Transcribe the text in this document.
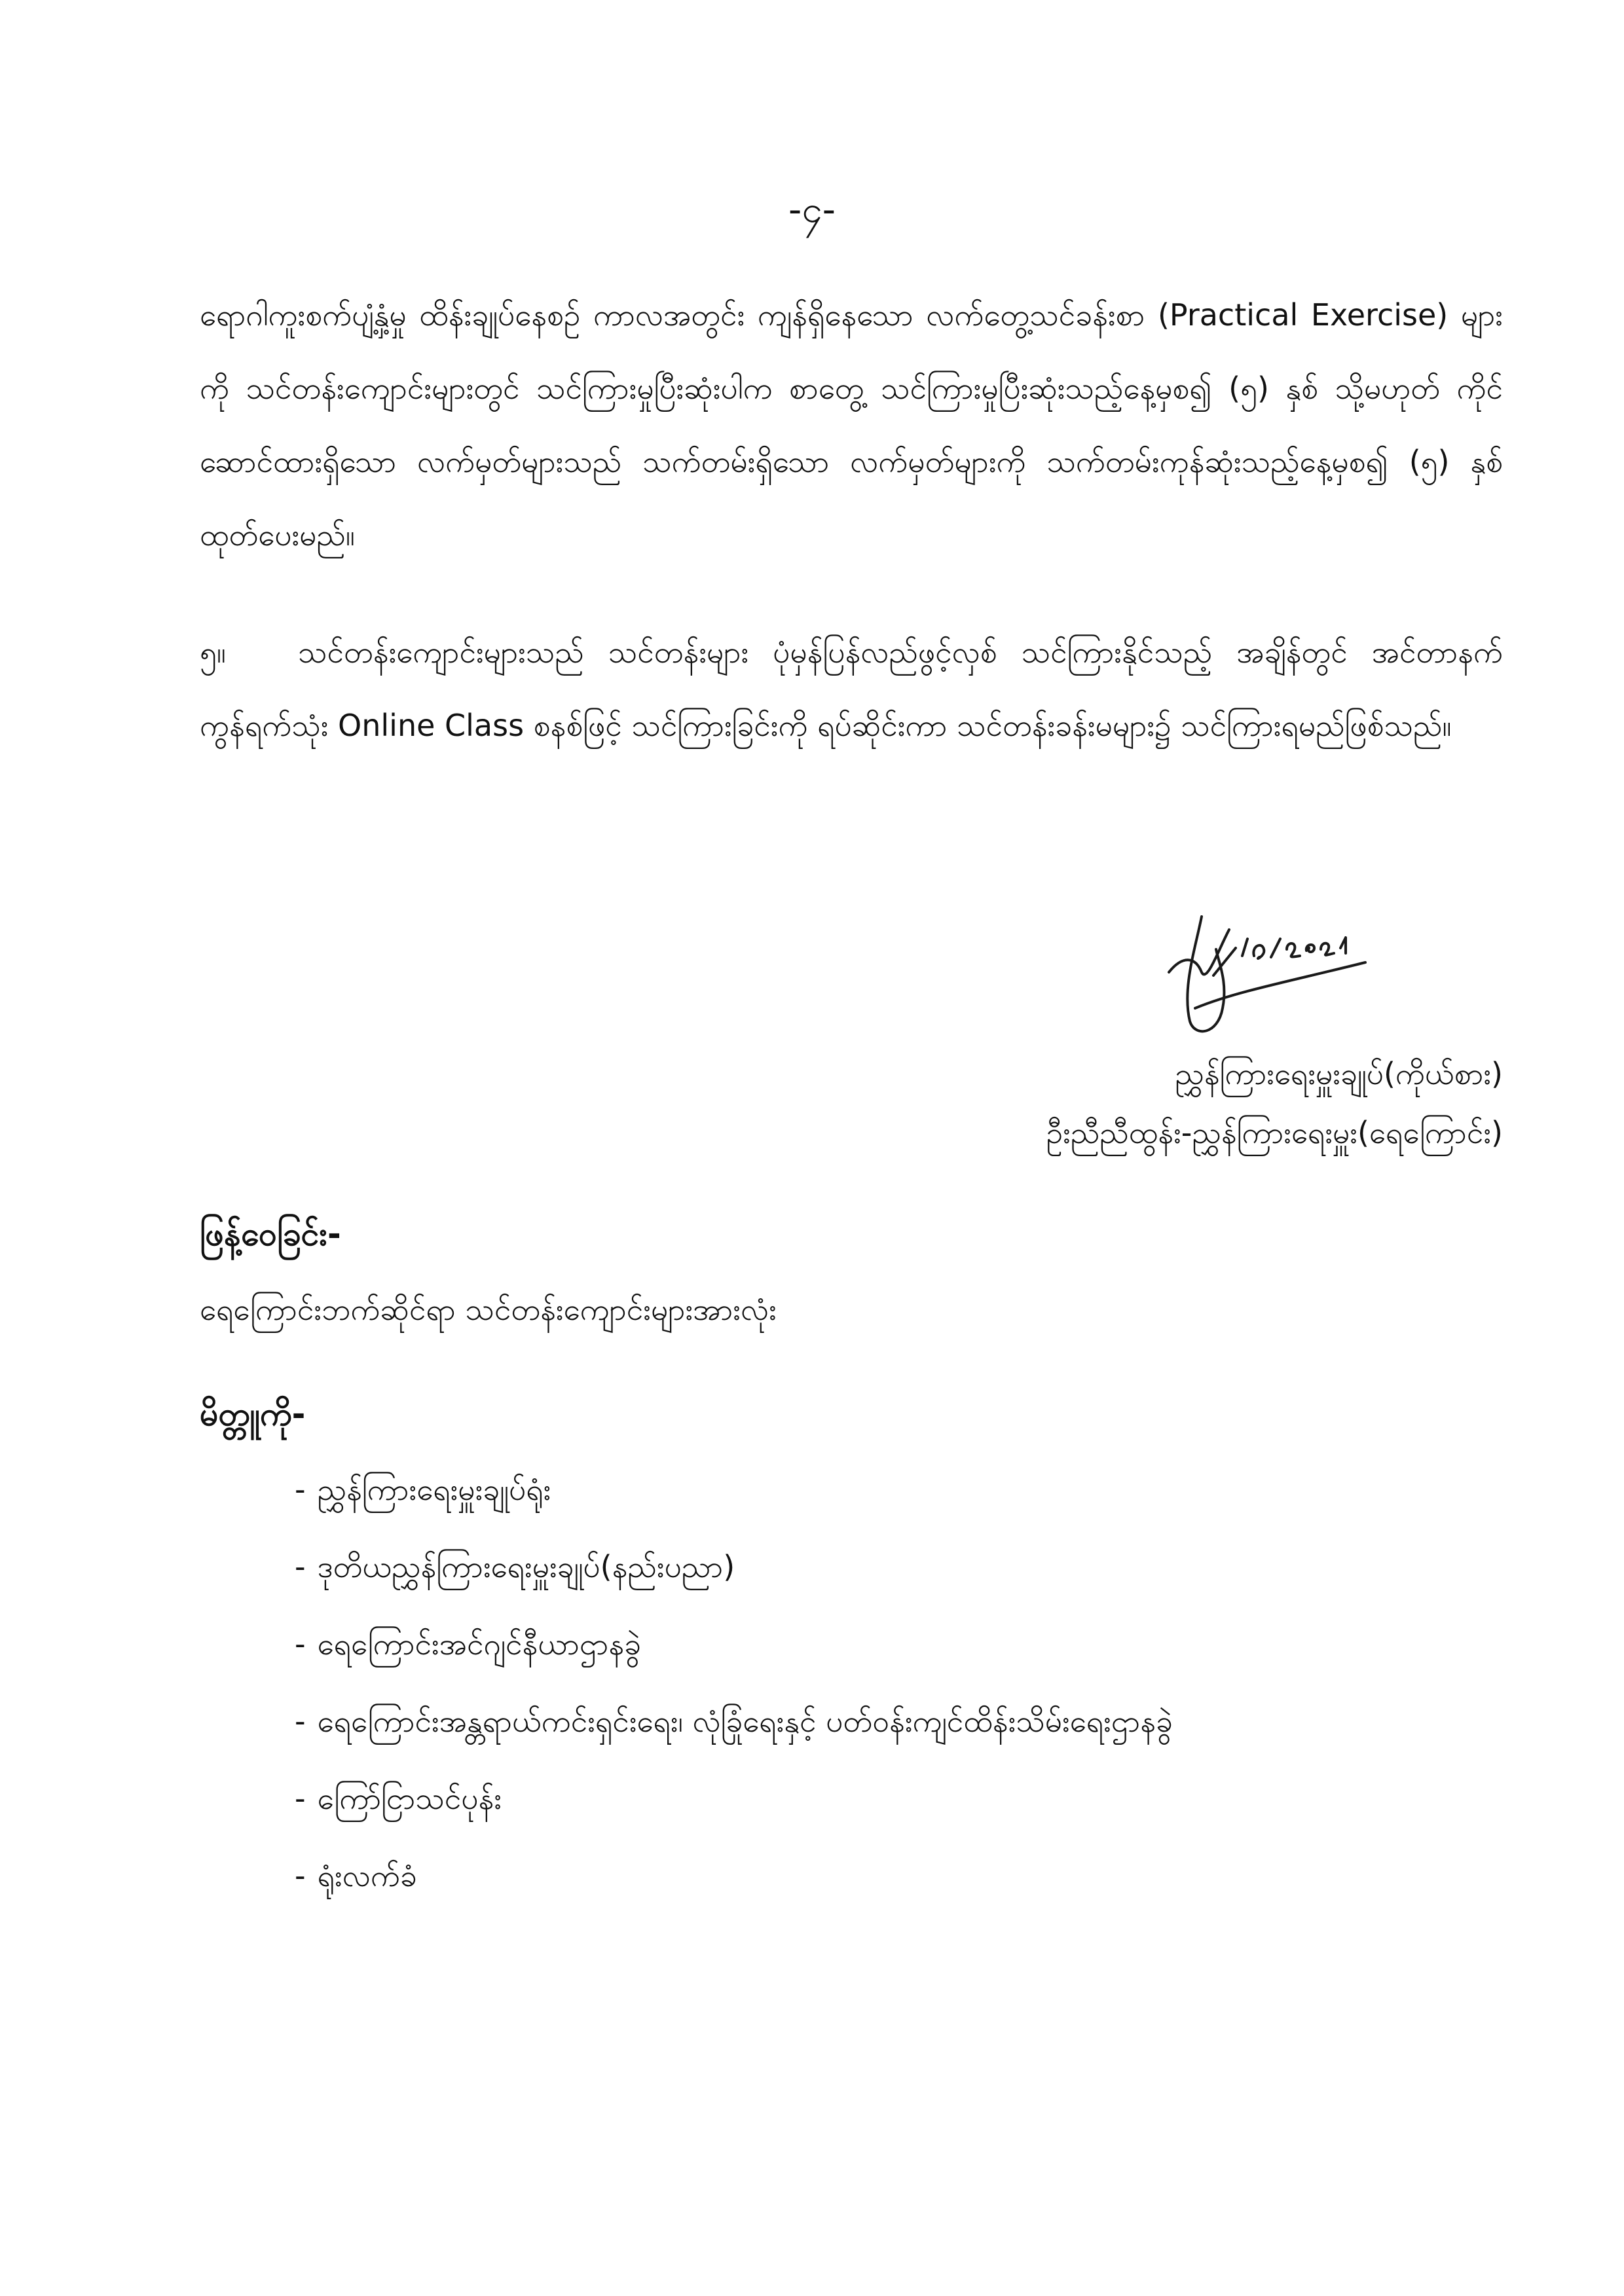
-၄-

ရောဂါကူးစက်ပျံ့နှံ့မှု ထိန်းချုပ်နေစဉ် ကာလအတွင်း ကျန်ရှိနေသော လက်တွေ့သင်ခန်းစာ (Practical Exercise) များကို သင်တန်းကျောင်းများတွင် သင်ကြားမှုပြီးဆုံးပါက စာတွေ့ သင်ကြားမှုပြီးဆုံးသည့်နေ့မှစ၍ (၅) နှစ် သို့မဟုတ် ကိုင်ဆောင်ထားရှိသော လက်မှတ်များသည် သက်တမ်းရှိသော လက်မှတ်များကို သက်တမ်းကုန်ဆုံးသည့်နေ့မှစ၍ (၅) နှစ် ထုတ်ပေးမည်။

၅။ သင်တန်းကျောင်းများသည် သင်တန်းများ ပုံမှန်ပြန်လည်ဖွင့်လှစ် သင်ကြားနိုင်သည့် အချိန်တွင် အင်တာနက်ကွန်ရက်သုံး Online Class စနစ်ဖြင့် သင်ကြားခြင်းကို ရပ်ဆိုင်းကာ သင်တန်းခန်းမများ၌ သင်ကြားရမည်ဖြစ်သည်။

ညွှန်ကြားရေးမှူးချုပ်(ကိုယ်စား)
ဦးညီညီထွန်း-ညွှန်ကြားရေးမှူး(ရေကြောင်း)
ဖြန့်ဝေခြင်း-
ရေကြောင်းဘက်ဆိုင်ရာ သင်တန်းကျောင်းများအားလုံး
မိတ္တူကို-
- ညွှန်ကြားရေးမှူးချုပ်ရုံး
- ဒုတိယညွှန်ကြားရေးမှူးချုပ်(နည်းပညာ)
- ရေကြောင်းအင်ဂျင်နီယာဌာနခွဲ
- ရေကြောင်းအန္တရာယ်ကင်းရှင်းရေး၊ လုံခြုံရေးနှင့် ပတ်ဝန်းကျင်ထိန်းသိမ်းရေးဌာနခွဲ
- ကြော်ငြာသင်ပုန်း
- ရုံးလက်ခံ
